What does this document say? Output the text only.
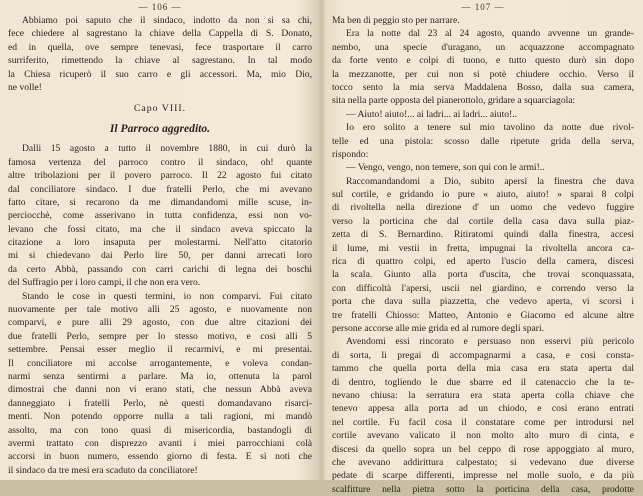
— 106 —
Abbiamo poi saputo che il sindaco, indotto da non si sa chi,
fece chiedere al sagrestano la chiave della Cappella di S. Donato,
ed in quella, ove sempre tenevasi, fece trasportare il carro
surriferito, rimettendo la chiave al sagrestano. In tal modo
la Chiesa ricuperò il suo carro e gli accessori. Ma, mio Dio,
ne volle!
Capo VIII.
Il Parroco aggredito.
Dalli 15 agosto a tutto il novembre 1880, in cui durò la
famosa vertenza del parroco contro il sindaco, oh! quante
altre tribolazioni per il povero parroco. Il 22 agosto fui citato
dal conciliatore sindaco. I due fratelli Perlo, che mi avevano
fatto citare, si recarono da me dimandandomi mille scuse, in-
perciocchè, come asserivano in tutta confidenza, essi non vo-
levano che fossi citato, ma che il sindaco aveva spiccato la
citazione a loro insaputa per molestarmi. Nell'atto citatorio
mi si chiedevano dai Perlo lire 50, per danni arrecati loro
da certo Abbà, passando con carri carichi di legna dei boschi
del Suffragio per i loro campi, il che non era vero.
Stando le cose in questi termini, io non comparvi. Fui citato
nuovamente per tale motivo alli 25 agosto, e nuovamente non
comparvi, e pure alli 29 agosto, con due altre citazioni dei
due fratelli Perlo, sempre per lo stesso motivo, e così alli 5
settembre. Pensai esser meglio il recarmivi, e mi presentai.
Il conciliatore mi accolse arrogantemente, e voleva condan-
narmi senza sentirmi a parlare. Ma io, ottenuta la parol
dimostrai che danni non vi erano stati, che nessun Abbà aveva
danneggiato i fratelli Perlo, nè questi domandavano risarci-
menti. Non potendo opporre nulla a tali ragioni, mi mandò
assolto, ma con tono quasi di misericordia, bastandogli di
avermi trattato con disprezzo avanti i miei parrocchiani colà
accorsi in buon numero, essendo giorno di festa. E sì noti che
il sindaco da tre mesi era scaduto da conciliatore!
— 107 —
Ma ben di peggio sto per narrare.
Era la notte dal 23 al 24 agosto, quando avvenne un grande-
nembo, una specie d'uragano, un acquazzone accompagnato
da forte vento e colpi di tuono, e tutto questo durò sin dopo
la mezzanotte, per cui non si potè chiudere occhio. Verso il
tocco sento la mia serva Maddalena Bosso, dalla sua camera,
sita nella parte opposta del pianerottolo, gridare a squarciagola:
— Aiuto! aiuto!... ai ladri... ai ladri... aiuto!..
Io ero solito a tenere sul mio tavolino da notte due rivol-
telle ed una pistola: scosso dalle ripetute grida della serva,
rispondo:
— Vengo, vengo, non temere, son qui con le armi!..
Raccomandandomi a Dio, subito apersi la finestra che dava
sul cortile, e gridando io pure « aiuto, aiuto! » sparai 8 colpi
di rivoltella nella direzione d' un uomo che vedevo fuggire
verso la porticina che dal cortile della casa dava sulla piaz-
zetta di S. Bernardino. Ritiratomi quindi dalla finestra, accesi
il lume, mi vestii in fretta, impugnai la rivoltella ancora ca-
rica di quattro colpi, ed aperto l'uscio della camera, discesi
la scala. Giunto alla porta d'uscita, che trovai sconquassata,
con difficoltà l'apersi, uscii nel giardino, e correndo verso la
porta che dava sulla piazzetta, che vedevo aperta, vi scorsi i
tre fratelli Chiosso: Matteo, Antonio e Giacomo ed alcune altre
persone accorse alle mie grida ed al rumore degli spari.
Avendomi essi rincorato e persuaso non esservi più pericolo
di sorta, li pregai di accompagnarmi a casa, e così consta-
tammo che quella porta della mia casa era stata aperta dal
di dentro, togliendo le due sbarre ed il catenaccio che la te-
nevano chiusa: la serratura era stata aperta colla chiave che
tenevo appesa alla porta ad un chiodo, e così erano entrati
nel cortile. Fu facil cosa il constatare come per introdursi nel
cortile avevano valicato il non molto alto muro di cinta, e
discesi da quello sopra un bel ceppo di rose appoggiato al muro,
che avevano addirittura calpestato; si vedevano due diverse
pedate di scarpe differenti, impresse nel molle suolo, e da più
scalfitture nella pietra sotto la porticina della casa, prodotte
